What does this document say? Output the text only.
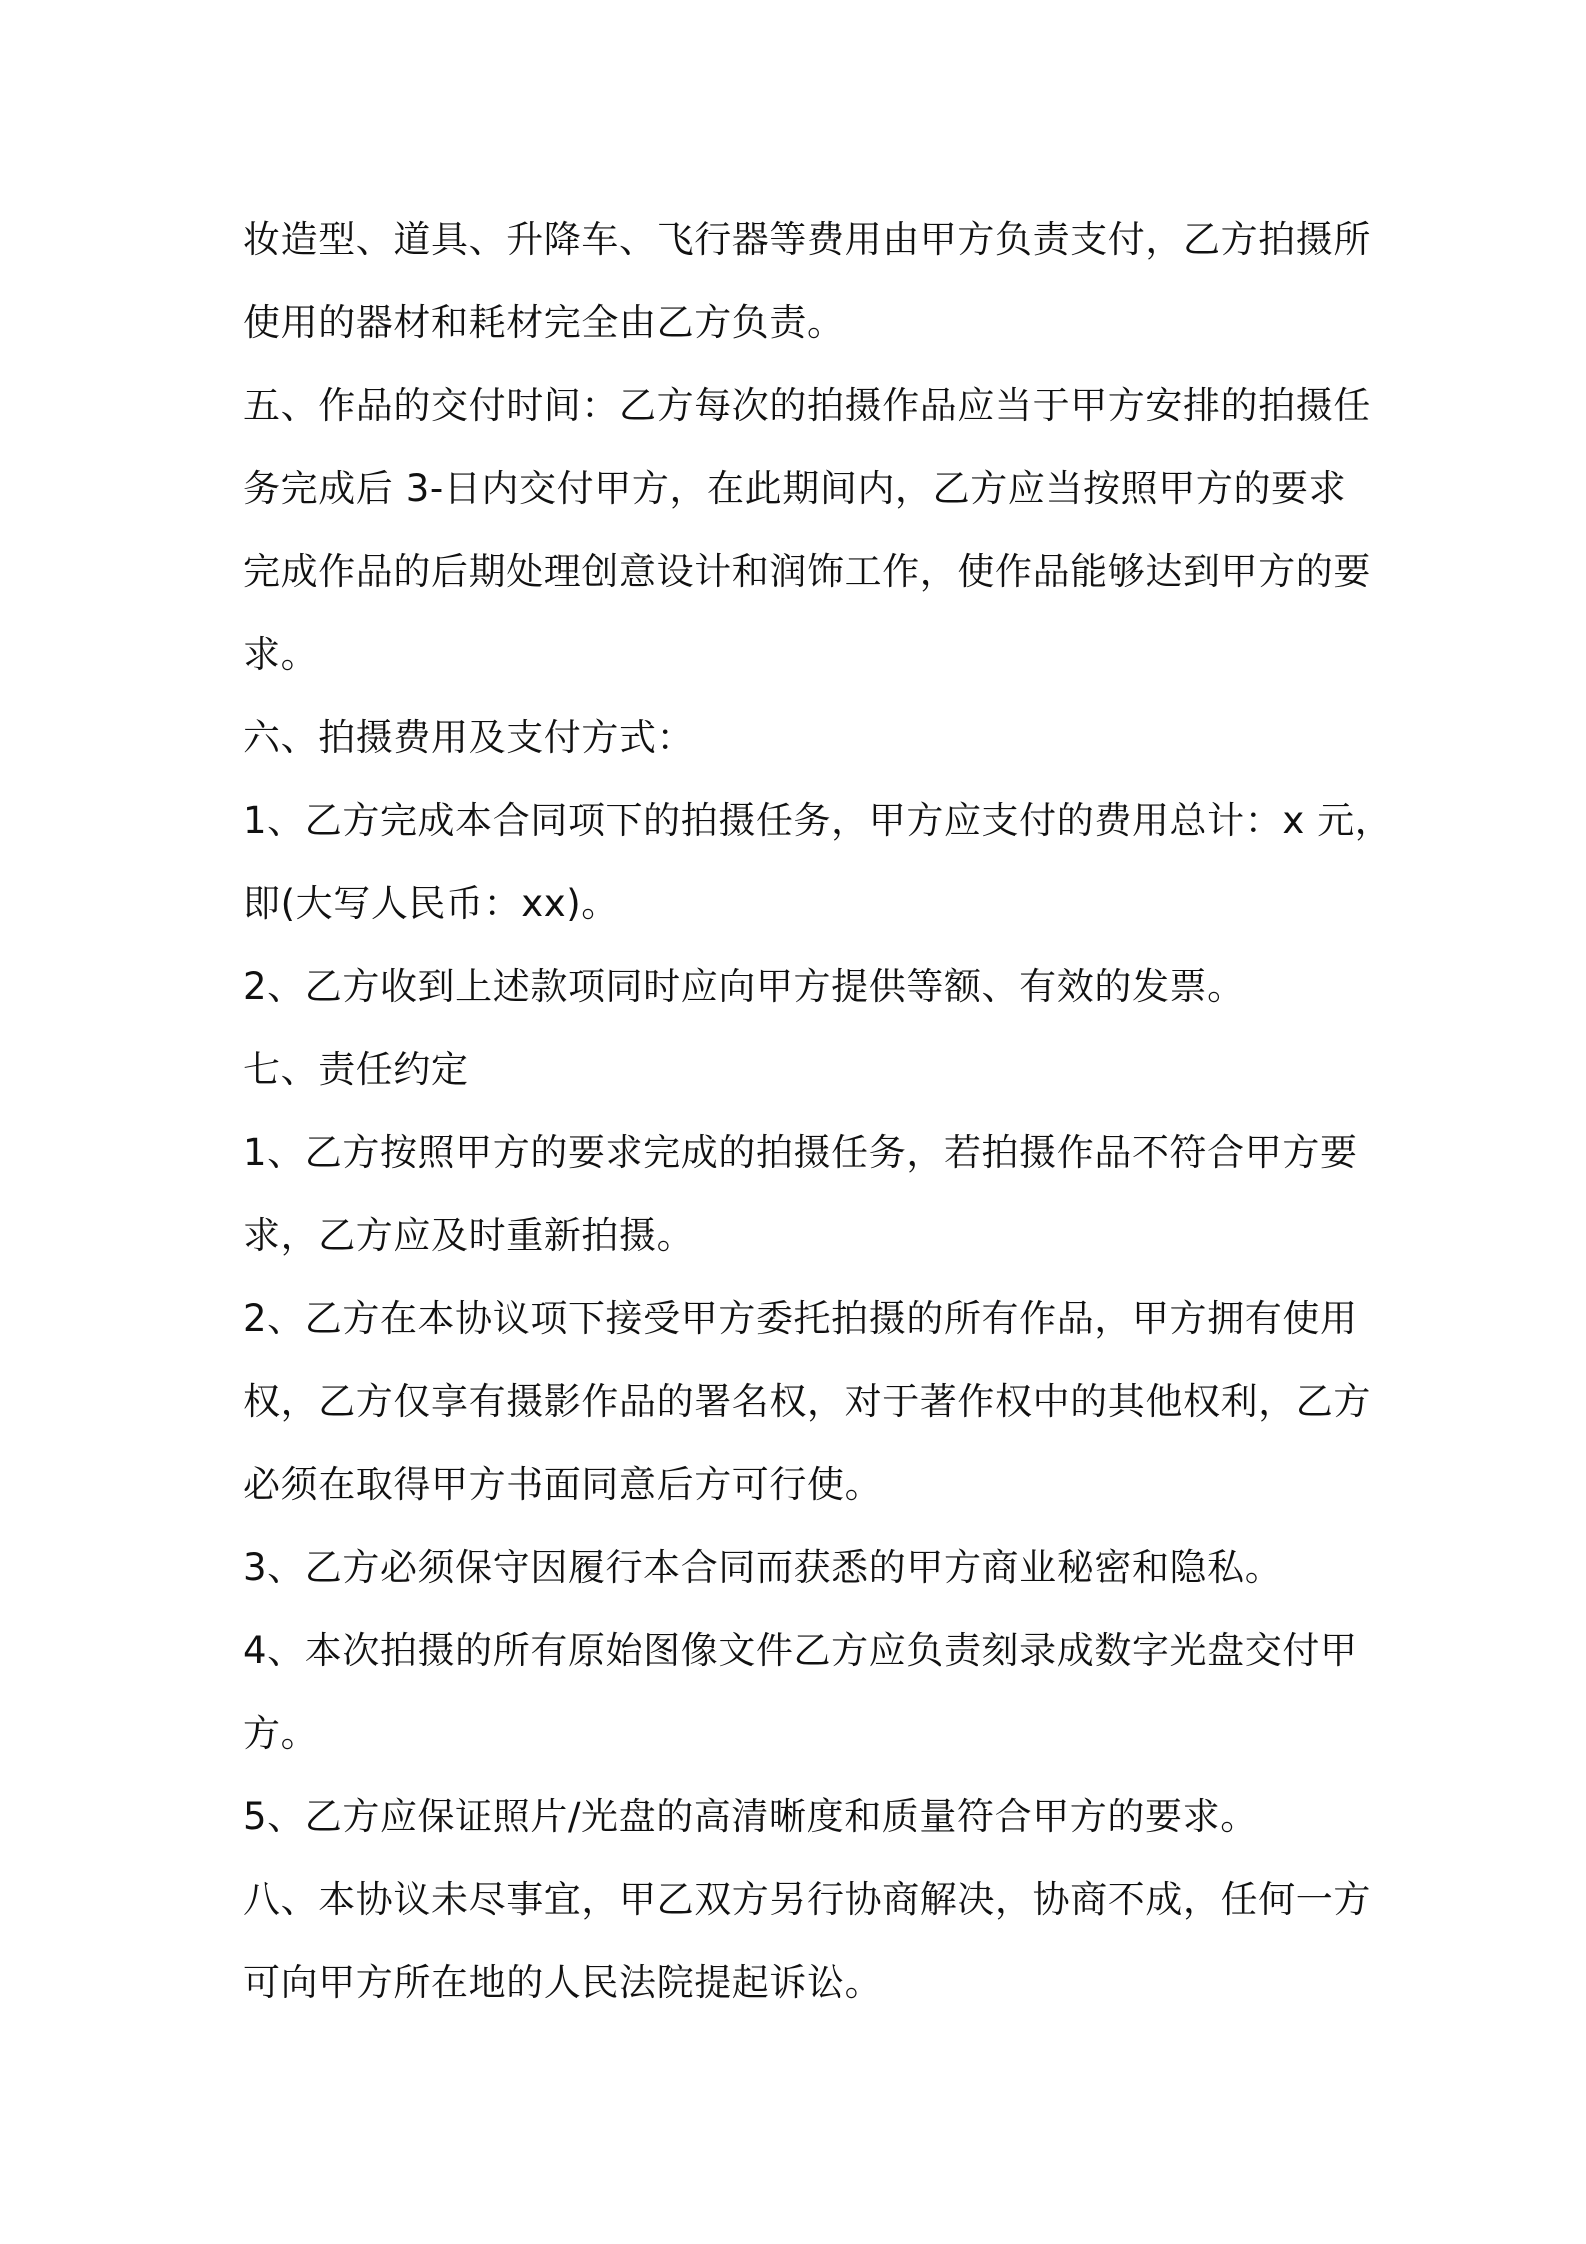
妆造型、道具、升降车、飞行器等费用由甲方负责支付，乙方拍摄所
使用的器材和耗材完全由乙方负责。
五、作品的交付时间：乙方每次的拍摄作品应当于甲方安排的拍摄任
务完成后 3-日内交付甲方，在此期间内，乙方应当按照甲方的要求
完成作品的后期处理创意设计和润饰工作，使作品能够达到甲方的要
求。
六、拍摄费用及支付方式：
1、乙方完成本合同项下的拍摄任务，甲方应支付的费用总计：x 元，
即(大写人民币：xx)。
2、乙方收到上述款项同时应向甲方提供等额、有效的发票。
七、责任约定
1、乙方按照甲方的要求完成的拍摄任务，若拍摄作品不符合甲方要
求，乙方应及时重新拍摄。
2、乙方在本协议项下接受甲方委托拍摄的所有作品，甲方拥有使用
权，乙方仅享有摄影作品的署名权，对于著作权中的其他权利，乙方
必须在取得甲方书面同意后方可行使。
3、乙方必须保守因履行本合同而获悉的甲方商业秘密和隐私。
4、本次拍摄的所有原始图像文件乙方应负责刻录成数字光盘交付甲
方。
5、乙方应保证照片/光盘的高清晰度和质量符合甲方的要求。
八、本协议未尽事宜，甲乙双方另行协商解决，协商不成，任何一方
可向甲方所在地的人民法院提起诉讼。
